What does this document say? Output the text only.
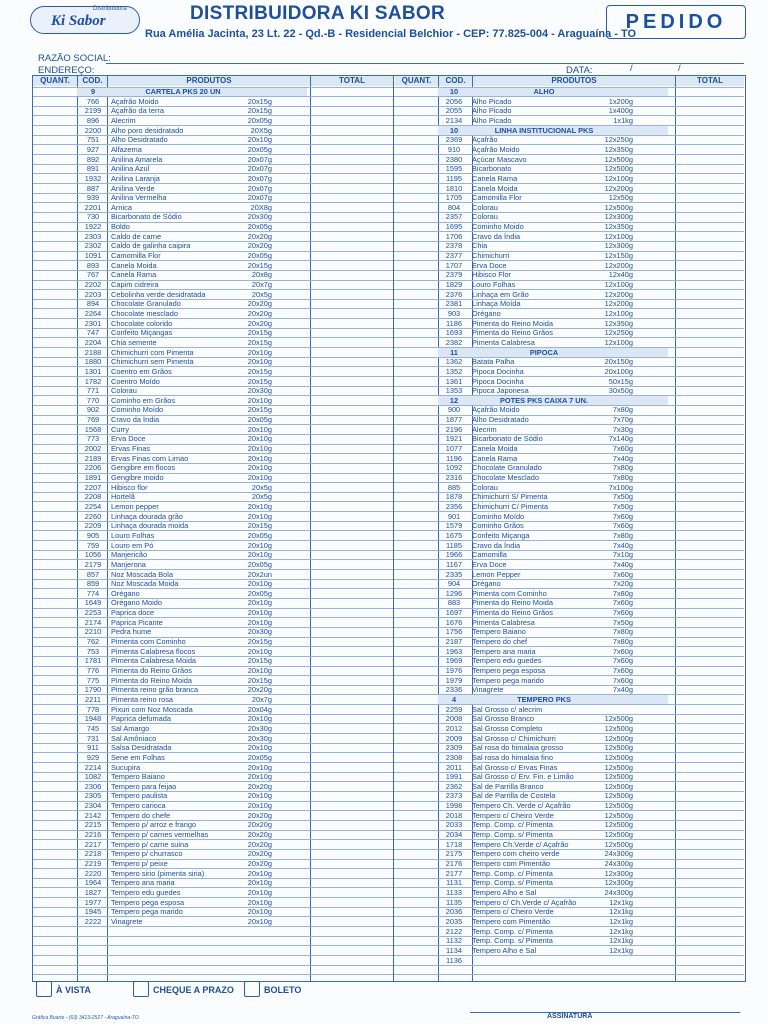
Distribuidora
Ki Sabor	DISTRIBUIDORA KI SABOR
Rua Amélia Jacinta, 23 Lt. 22 - Qd.-B - Residencial Belchior - CEP: 77.825-004 - Araguaína - TO
PEDIDO
RAZÃO SOCIAL:
ENDEREÇO:	DATA:	/	/
QUANT.	COD.	PRODUTOS	TOTAL	QUANT.	COD.	PRODUTOS	TOTAL
9	CARTELA PKS 20 UN
766	Açafrão Moido	20x15g
2199	Açafrão da terra	20x15g
896	Alecrim	20x05g
2200	Alho poro desidratado	20X5g
751	Alho Desidratado	20x10g
927	Alfazema	20x05g
892	Anilina Amarela	20x07g
891	Anilina Azul	20x07g
1932	Anilina Laranja	20x07g
887	Anilina Verde	20x07g
939	Anilina Vermelha	20x07g
2201	Arnica	20X8g
730	Bicarbonato de Sódio	20x30g
1922	Boldo	20x05g
2303	Caldo de carne	20x20g
2302	Caldo de galinha caipira	20x20g
1091	Camomilla Flor	20x05g
893	Canela Moida	20x15g
767	Canela Rama	20x8g
2202	Capim cidreira	20x7g
2203	Cebolinha verde desidratada	20x5g
894	Chocolate Granulado	20x20g
2264	Chocolate mesclado	20x20g
2301	Chocolate colorido	20x20g
747	Confeito Miçangas	20x15g
2204	Chia semente	20x15g
2188	Chimichurri com Pimenta	20x10g
1880	Chimichurri sem Pimenta	20x10g
1301	Coentro em Grãos	20x15g
1782	Coentro Moído	20x15g
771	Colorau	20x30g
770	Cominho em Grãos	20x10g
902	Cominho Moído	20x15g
769	Cravo da Índia	20x05g
1568	Curry	20x10g
773	Erva Doce	20x10g
2002	Ervas Finas	20x10g
2189	Ervas Finas com Limao	20x10g
2206	Gengibre em flocos	20x10g
1891	Gengibre moido	20x10g
2207	Hibisco flor	20x5g
2208	Hortelã	20x5g
2254	Lemon pepper	20x10g
2260	Linhaça dourada grão	20x10g
2209	Linhaça dourada moida	20x15g
905	Louro Folhas	20x05g
759	Louro em Pó	20x10g
1056	Manjericão	20x10g
2179	Manjerona	20x05g
857	Noz Moscada Bola	20x2un
859	Noz Moscada Moida	20x10g
774	Orégano	20x05g
1649	Orégano Moido	20x10g
2253	Paprica doce	20x10g
2174	Paprica Picante	20x10g
2210	Pedra hume	20x30g
762	Pimenta com Cominho	20x15g
753	Pimenta Calabresa flocos	20x10g
1781	Pimenta Calabresa Moida	20x15g
776	Pimenta do Reino Grãos	20x10g
775	Pimenta do Reino Moida	20x15g
1790	Pimenta reino grão branca	20x20g
2211	Pimenta reino rosa	20x7g
778	Pixuri com Noz Moscada	20x04g
1948	Paprica defumada	20x10g
745	Sal Amargo	20x30g
731	Sal Amôniaco	20x30g
911	Salsa Desidratada	20x10g
929	Sene em Folhas	20x05g
2214	Sucupira	20x10g
1082	Tempero Baiano	20x10g
2306	Tempero para feijao	20x20g
2305	Tempero paulista	20x10g
2304	Tempero carioca	20x10g
2142	Tempero do chefe	20x20g
2215	Tempero p/ arroz e frango	20x20g
2216	Tempero p/ carnes vermelhas	20x20g
2217	Tempero p/ carne suina	20x20g
2218	Tempero p/ churrasco	20x20g
2219	Tempero p/ peixe	20x20g
2220	Tempero sirio (pimenta siria)	20x10g
1964	Tempero ana maria	20x10g
1827	Tempero edu guedes	20x10g
1977	Tempero pega esposa	20x10g
1945	Tempero pega marido	20x10g
2222	Vinagrete	20x10g
10	ALHO
2056	Alho Picado	1x200g
2055	Alho Picado	1x400g
2134	Alho Picado	1x1kg
10	LINHA INSTITUCIONAL PKS
2369	Açafrão	12x250g
910	Açafrão Moido	12x350g
2380	Açúcar Mascavo	12x500g
1595	Bicarbonato	12x500g
1195	Canela Rama	12x100g
1810	Canela Moida	12x200g
1705	Camomilla Flor	12x50g
804	Colorau	12x500g
2357	Colorau	12x300g
1695	Cominho Moido	12x350g
1706	Cravo da Índia	12x100g
2378	Chia	12x300g
2377	Chimichurri	12x150g
1707	Erva Doce	12x200g
2379	Hibisco Flor	12x40g
1829	Louro Folhas	12x100g
2376	Linhaça em Grão	12x200g
2381	Linhaça Moída	12x200g
903	Orégano	12x100g
1186	Pimenta do Reino Moida	12x350g
1693	Pimenta do Reino Grãos	12x250g
2382	Pimenta Calabresa	12x100g
11	PIPOCA
1362	Batata Palha	20x150g
1352	Pipoca Docinha	20x100g
1361	Pipoca Docinha	50x15g
1353	Pipoca Japonesa	30x50g
12	POTES PKS CAIXA 7 UN.
900	Açafrão Moido	7x80g
1877	Alho Desidratado	7x70g
2196	Alecrim	7x30g
1921	Bicarbonato de Sódio	7x140g
1077	Canela Moida	7x60g
1196	Canela Rama	7x40g
1092	Chocolate Granulado	7x80g
2316	Chocolate Mesclado	7x80g
885	Colorau	7x100g
1878	Chimichurri S/ Pimenta	7x50g
2356	Chimichurri C/ Pimenta	7x50g
901	Cominho Moído	7x60g
1579	Cominho Grãos	7x60g
1675	Confeito Miçanga	7x80g
1185	Cravo da Índia	7x40g
1966	Camomilla	7x10g
1167	Erva Doce	7x40g
2335	Lemon Pepper	7x60g
904	Orégano	7x20g
1296	Pimenta com Cominho	7x80g
883	Pimenta do Reino Moida	7x60g
1697	Pimenta do Reino Grãos	7x60g
1676	Pimenta Calabresa	7x50g
1756	Tempero Baiano	7x80g
2187	Tempero do chef	7x80g
1963	Tempero ana maria	7x60g
1969	Tempero edu guedes	7x60g
1976	Tempero pega esposa	7x60g
1979	Tempero pega marido	7x60g
2336	Vinagrete	7x40g
4	TEMPERO PKS
2259	Sal Grosso c/ alecrim
2008	Sal Grosso Branco	12x500g
2012	Sal Grosso Completo	12x500g
2009	Sal Grosso c/ Chimichurri	12x500g
2309	Sal rosa do himalaia grosso	12x500g
2308	Sal rosa do himalaia fino	12x500g
2011	Sal Grosso c/ Ervas Finas	12x500g
1991	Sal Grosso c/ Erv. Fin. e Limão	12x500g
2362	Sal de Parrilla Branco	12x500g
2373	Sal de Parrilla de Costela	12x500g
1998	Tempero Ch. Verde c/ Açafrão	12x500g
2018	Tempero c/ Cheiro Verde	12x500g
2033	Temp. Comp. c/ Pimenta	12x500g
2034	Temp. Comp. s/ Pimenta	12x500g
1718	Tempero Ch.Verde c/ Açafrão	12x500g
2175	Tempero com cheiro verde	24x300g
2176	Tempero com Pimentão	24x300g
2177	Temp. Comp. c/ Pimenta	12x300g
1131	Temp. Comp. s/ Pimenta	12x300g
1133	Tempero Alho e Sal	24x300g
1135	Tempero c/ Ch.Verde c/ Açafrão	12x1kg
2036	Tempero c/ Cheiro Verde	12x1kg
2035	Tempero com Pimentão	12x1kg
2122	Temp. Comp. c/ Pimenta	12x1kg
1132	Temp. Comp. s/ Pimenta	12x1kg
1134	Tempero Alho e Sal	12x1kg
1136
À VISTA	CHEQUE A PRAZO	BOLETO
ASSINATURA
Gráfica Buarte - (63) 3413-2527 - Araguaína-TO
